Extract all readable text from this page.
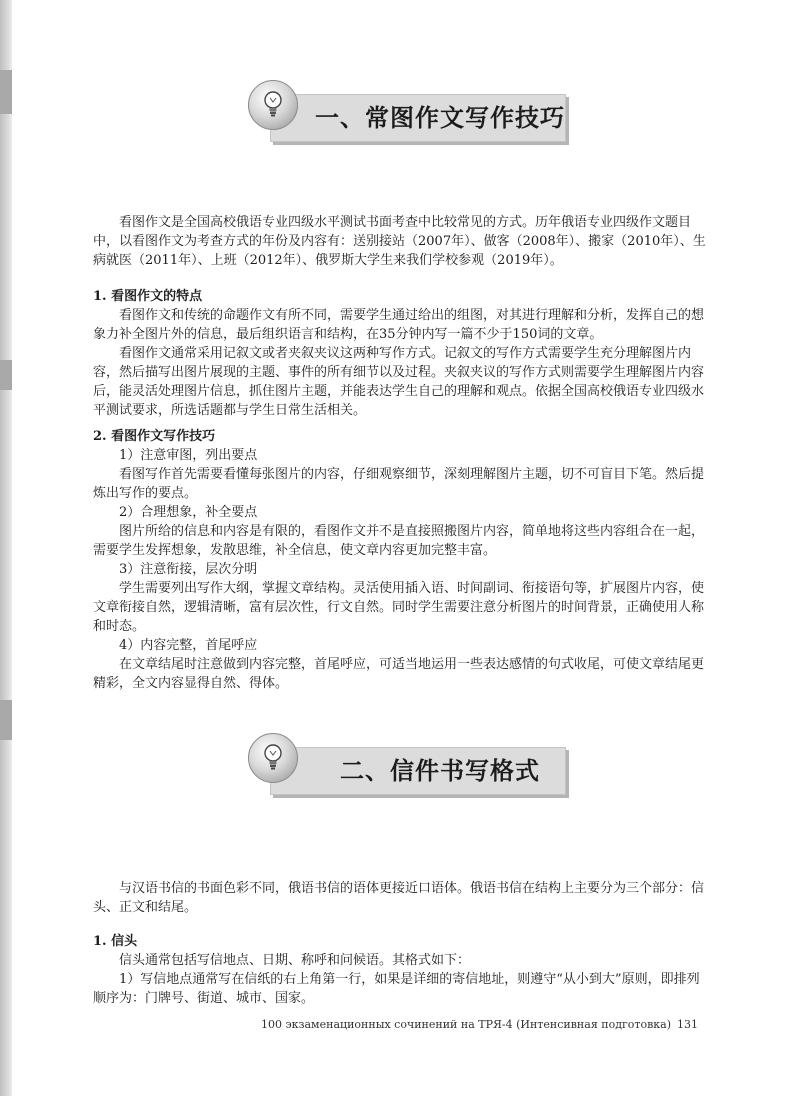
一、常图作文写作技巧

看图作文是全国高校俄语专业四级水平测试书面考查中比较常见的方式。历年俄语专业四级作文题目中，以看图作文为考查方式的年份及内容有：送别接站（2007年）、做客（2008年）、搬家（2010年）、生病就医（2011年）、上班（2012年）、俄罗斯大学生来我们学校参观（2019年）。

1. 看图作文的特点

看图作文和传统的命题作文有所不同，需要学生通过给出的组图，对其进行理解和分析，发挥自己的想象力补全图片外的信息，最后组织语言和结构，在35分钟内写一篇不少于150词的文章。

看图作文通常采用记叙文或者夹叙夹议这两种写作方式。记叙文的写作方式需要学生充分理解图片内容，然后描写出图片展现的主题、事件的所有细节以及过程。夹叙夹议的写作方式则需要学生理解图片内容后，能灵活处理图片信息，抓住图片主题，并能表达学生自己的理解和观点。依据全国高校俄语专业四级水平测试要求，所选话题都与学生日常生活相关。

2. 看图作文写作技巧

1）注意审图，列出要点

看图写作首先需要看懂每张图片的内容，仔细观察细节，深刻理解图片主题，切不可盲目下笔。然后提炼出写作的要点。

2）合理想象，补全要点

图片所给的信息和内容是有限的，看图作文并不是直接照搬图片内容，简单地将这些内容组合在一起，需要学生发挥想象，发散思维，补全信息，使文章内容更加完整丰富。

3）注意衔接，层次分明

学生需要列出写作大纲，掌握文章结构。灵活使用插入语、时间副词、衔接语句等，扩展图片内容，使文章衔接自然，逻辑清晰，富有层次性，行文自然。同时学生需要注意分析图片的时间背景，正确使用人称和时态。

4）内容完整，首尾呼应

在文章结尾时注意做到内容完整，首尾呼应，可适当地运用一些表达感情的句式收尾，可使文章结尾更精彩，全文内容显得自然、得体。

二、信件书写格式

与汉语书信的书面色彩不同，俄语书信的语体更接近口语体。俄语书信在结构上主要分为三个部分：信头、正文和结尾。

1. 信头

信头通常包括写信地点、日期、称呼和问候语。其格式如下：

1）写信地点通常写在信纸的右上角第一行，如果是详细的寄信地址，则遵守“从小到大”原则，即排列顺序为：门牌号、街道、城市、国家。

100 экзаменационных сочинений на ТРЯ-4 (Интенсивная подготовка) 131
